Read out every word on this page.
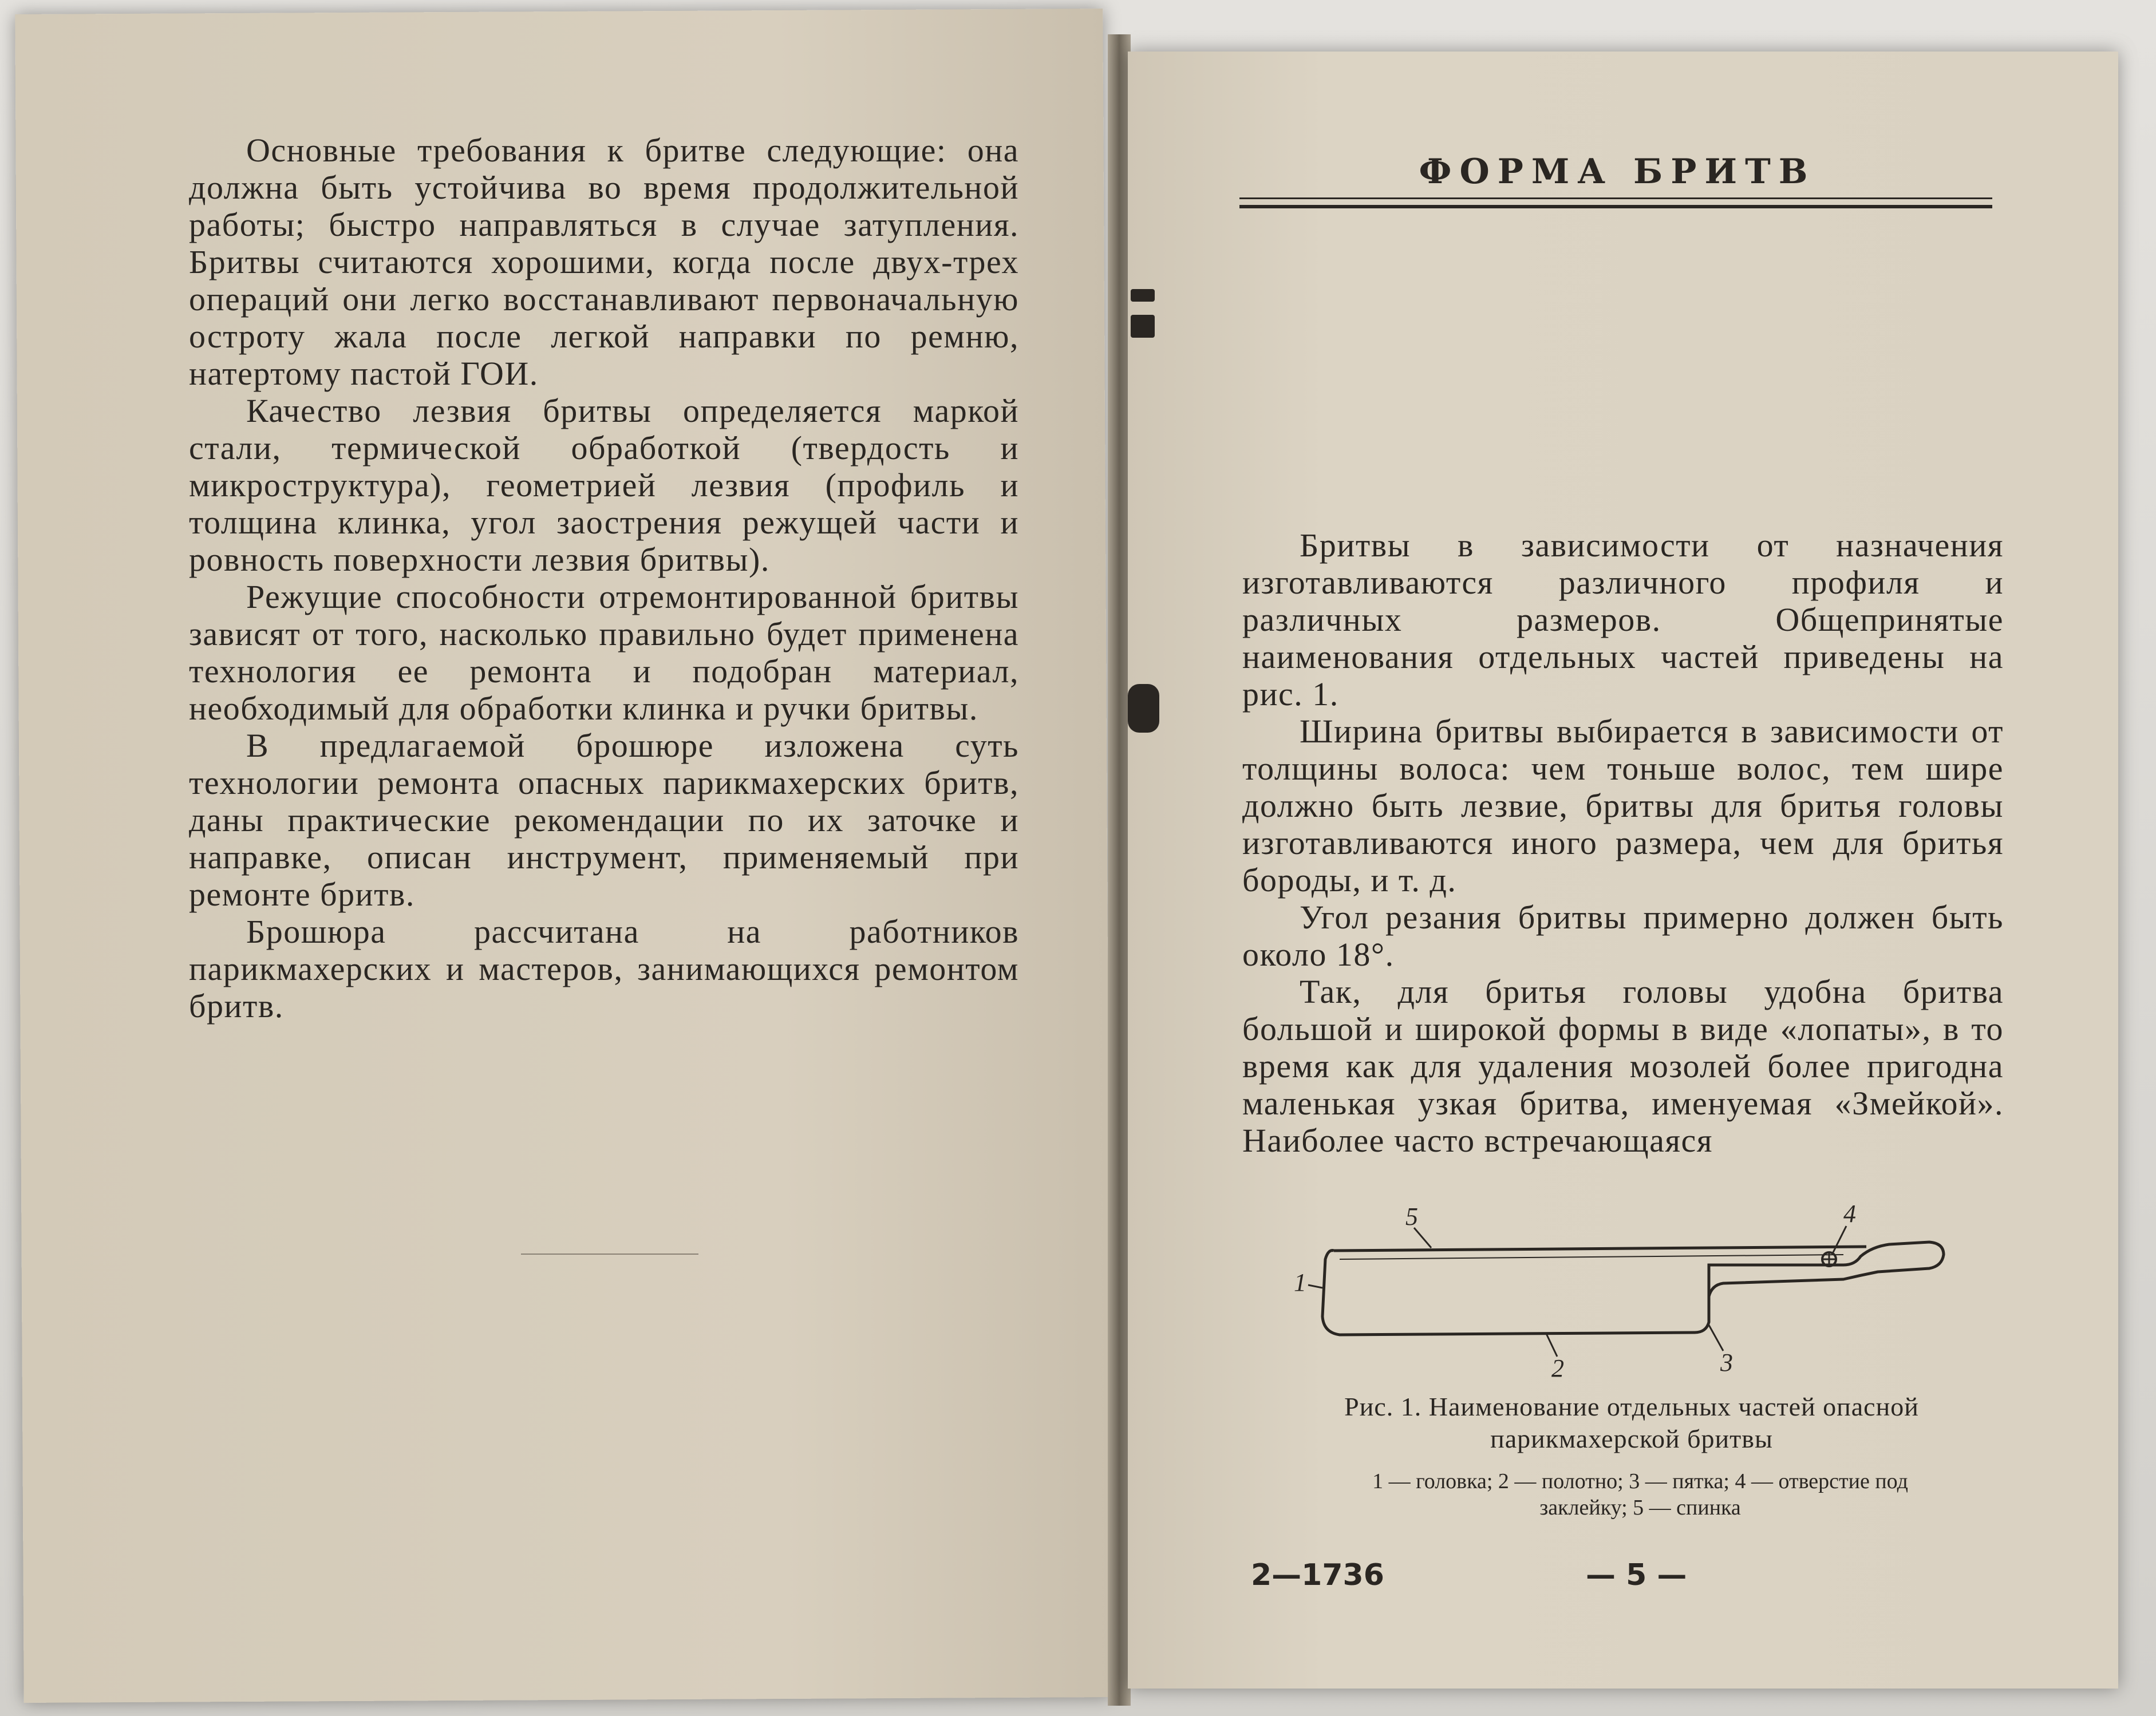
Основные требования к бритве следующие: она должна быть устойчива во время продолжительной работы; быстро направляться в случае затупления. Бритвы считаются хорошими, когда после двух-трех операций они легко восстанавливают первоначальную остроту жала после легкой направки по ремню, натертому пастой ГОИ.

Качество лезвия бритвы определяется маркой стали, термической обработкой (твердость и микроструктура), геометрией лезвия (профиль и толщина клинка, угол заострения режущей части и ровность поверхности лезвия бритвы).

Режущие способности отремонтированной бритвы зависят от того, насколько правильно будет применена технология ее ремонта и подобран материал, необходимый для обработки клинка и ручки бритвы.

В предлагаемой брошюре изложена суть технологии ремонта опасных парикмахерских бритв, даны практические рекомендации по их заточке и направке, описан инструмент, применяемый при ремонте бритв.

Брошюра рассчитана на работников парикмахерских и мастеров, занимающихся ремонтом бритв.

ФОРМА БРИТВ

Бритвы в зависимости от назначения изготавливаются различного профиля и различных размеров. Общепринятые наименования отдельных частей приведены на рис. 1.

Ширина бритвы выбирается в зависимости от толщины волоса: чем тоньше волос, тем шире должно быть лезвие, бритвы для бритья головы изготавливаются иного размера, чем для бритья бороды, и т. д.

Угол резания бритвы примерно должен быть около 18°.

Так, для бритья головы удобна бритва большой и широкой формы в виде «лопаты», в то время как для удаления мозолей более пригодна маленькая узкая бритва, именуемая «Змейкой». Наиболее часто встречающаяся

1
2	3
4
5
Рис. 1. Наименование отдельных частей опасной
парикмахерской бритвы
1 — головка; 2 — полотно; 3 — пятка; 4 — отверстие под
заклейку; 5 — спинка
2—1736	— 5 —
